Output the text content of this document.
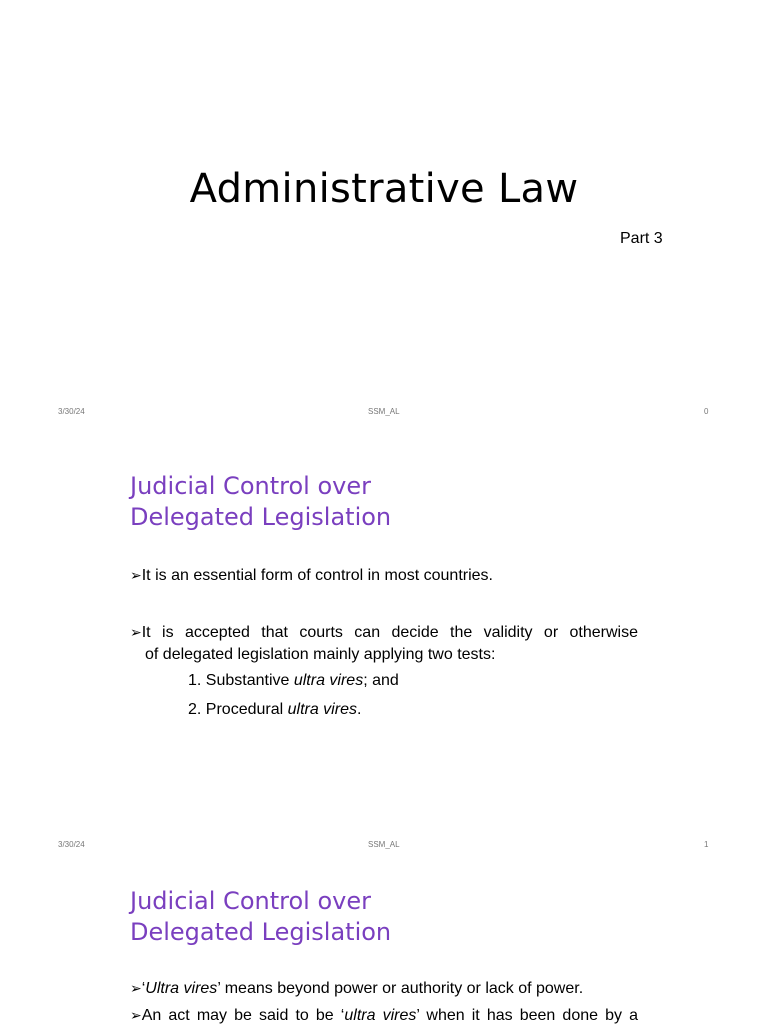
Administrative Law

Part 3

3/30/24	SSM_AL	0
Judicial Control over
Delegated Legislation

➢It is an essential form of control in most countries.

➢It is accepted that courts can decide the validity or otherwise
of delegated legislation mainly applying two tests:

1. Substantive ultra vires; and

2. Procedural ultra vires.

3/30/24	SSM_AL	1
Judicial Control over
Delegated Legislation

➢‘Ultra vires’ means beyond power or authority or lack of power.

➢An act may be said to be ‘ultra vires’ when it has been done by a
